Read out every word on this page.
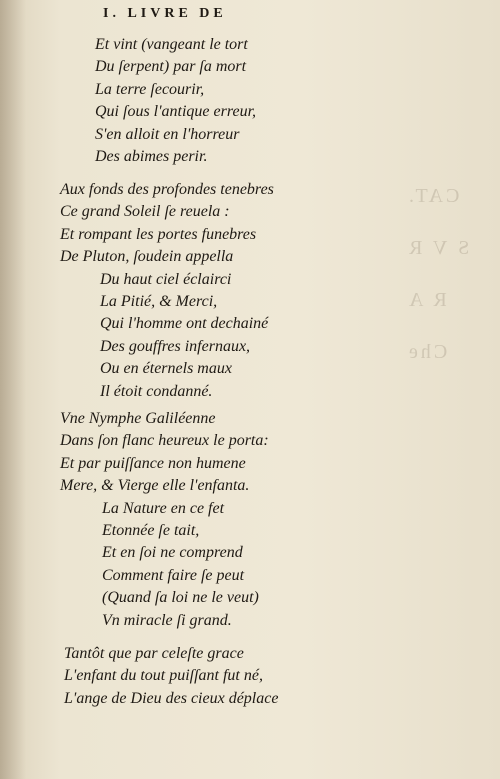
CAT.
S V R
R A
Che
I. LIVRE DE
Et vint (vangeant le tort
Du ſerpent) par ſa mort
La terre ſecourir,
Qui ſous l'antique erreur,
S'en alloit en l'horreur
Des abimes perir.
Aux fonds des profondes tenebres
Ce grand Soleil ſe reuela :
Et rompant les portes funebres
De Pluton, ſoudein appella
Du haut ciel éclairci
La Pitié, & Merci,
Qui l'homme ont dechainé
Des gouffres infernaux,
Ou en éternels maux
Il étoit condanné.
Vne Nymphe Galiléenne
Dans ſon flanc heureux le porta:
Et par puiſſance non humene
Mere, & Vierge elle l'enfanta.
La Nature en ce fet
Etonnée ſe tait,
Et en ſoi ne comprend
Comment faire ſe peut
(Quand ſa loi ne le veut)
Vn miracle ſi grand.
Tantôt que par celeſte grace
L'enfant du tout puiſſant fut né,
L'ange de Dieu des cieux déplace
